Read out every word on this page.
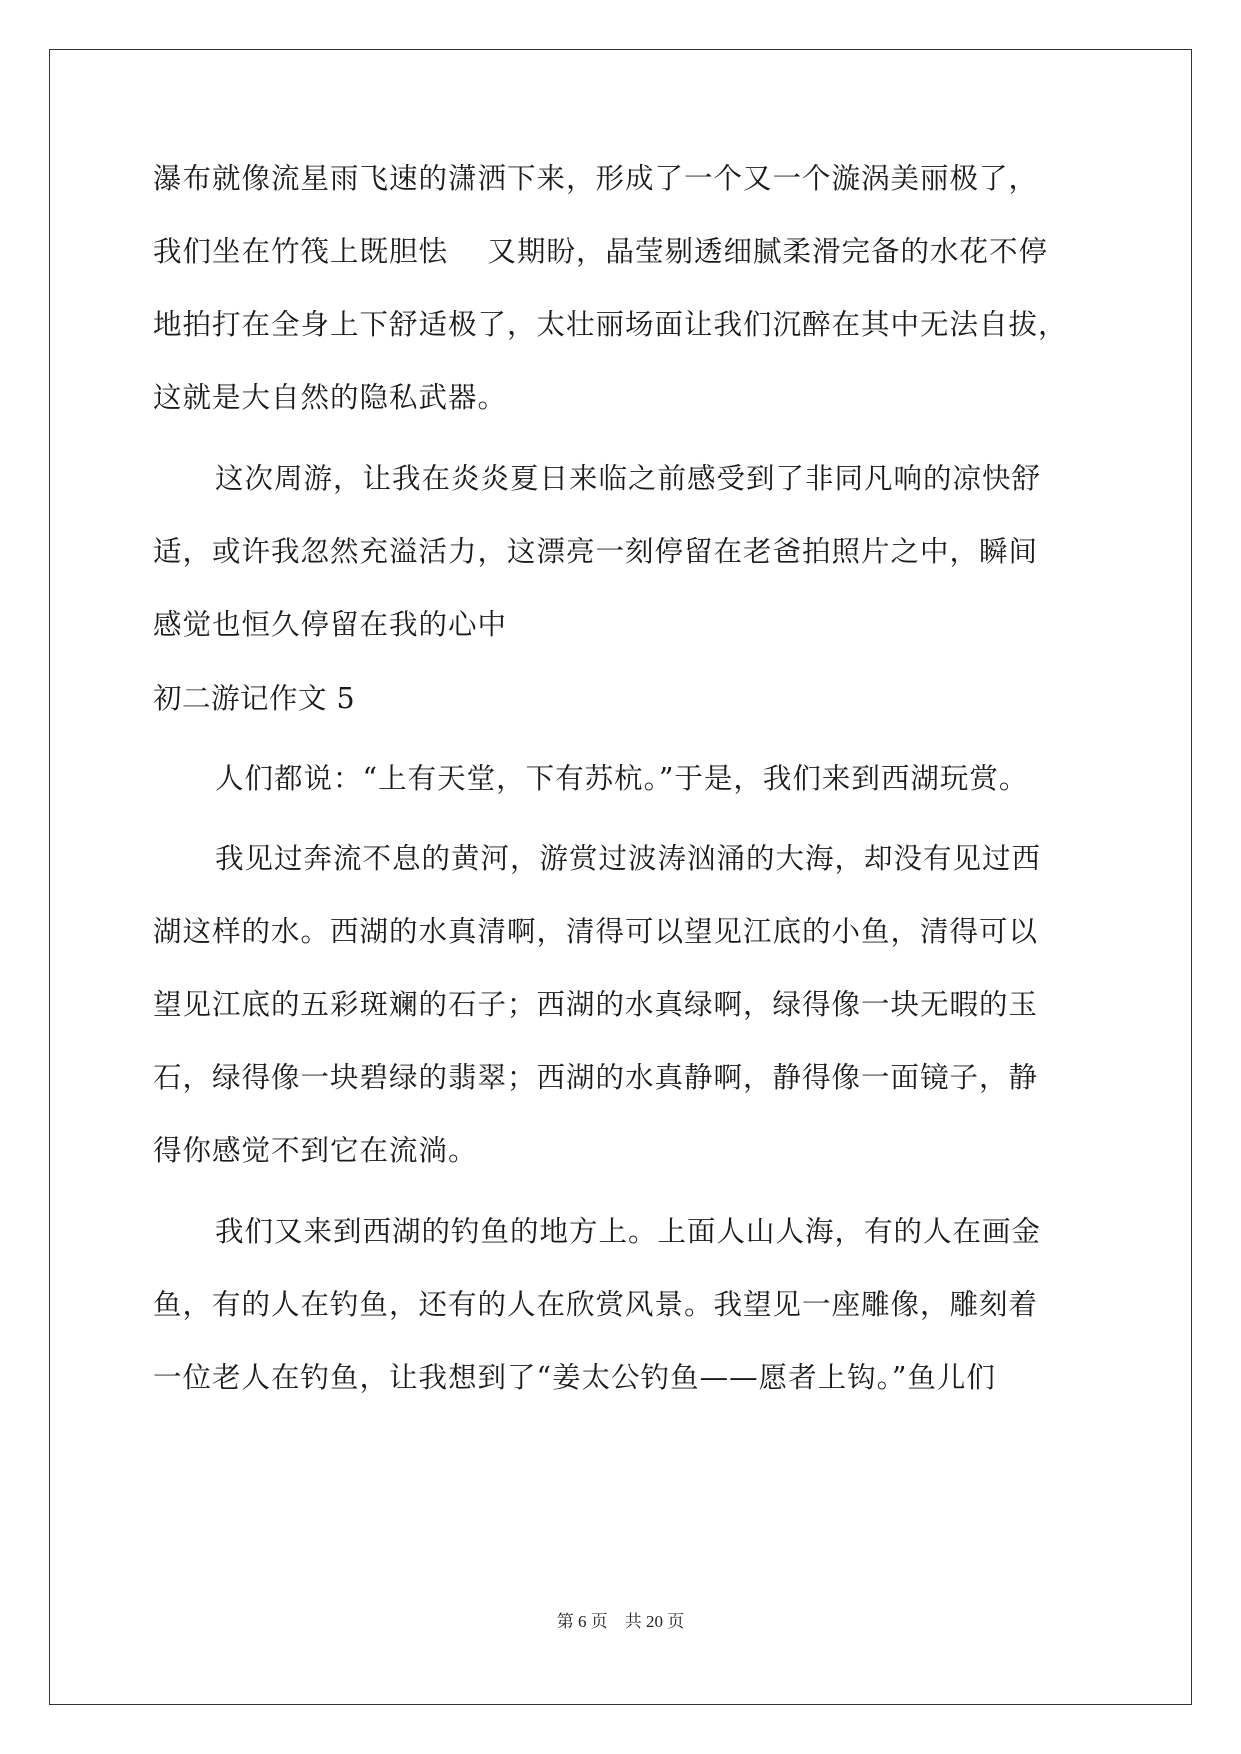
瀑布就像流星雨飞速的潇洒下来，形成了一个又一个漩涡美丽极了，
我们坐在竹筏上既胆怯　 又期盼，晶莹剔透细腻柔滑完备的水花不停
地拍打在全身上下舒适极了，太壮丽场面让我们沉醉在其中无法自拔，
这就是大自然的隐私武器。
这次周游，让我在炎炎夏日来临之前感受到了非同凡响的凉快舒
适，或许我忽然充溢活力，这漂亮一刻停留在老爸拍照片之中，瞬间
感觉也恒久停留在我的心中
初二游记作文 5
人们都说：“上有天堂，下有苏杭。”于是，我们来到西湖玩赏。
我见过奔流不息的黄河，游赏过波涛汹涌的大海，却没有见过西
湖这样的水。西湖的水真清啊，清得可以望见江底的小鱼，清得可以
望见江底的五彩斑斓的石子；西湖的水真绿啊，绿得像一块无暇的玉
石，绿得像一块碧绿的翡翠；西湖的水真静啊，静得像一面镜子，静
得你感觉不到它在流淌。
我们又来到西湖的钓鱼的地方上。上面人山人海，有的人在画金
鱼，有的人在钓鱼，还有的人在欣赏风景。我望见一座雕像，雕刻着
一位老人在钓鱼，让我想到了“姜太公钓鱼——愿者上钩。”鱼儿们
第 6 页　共 20 页
